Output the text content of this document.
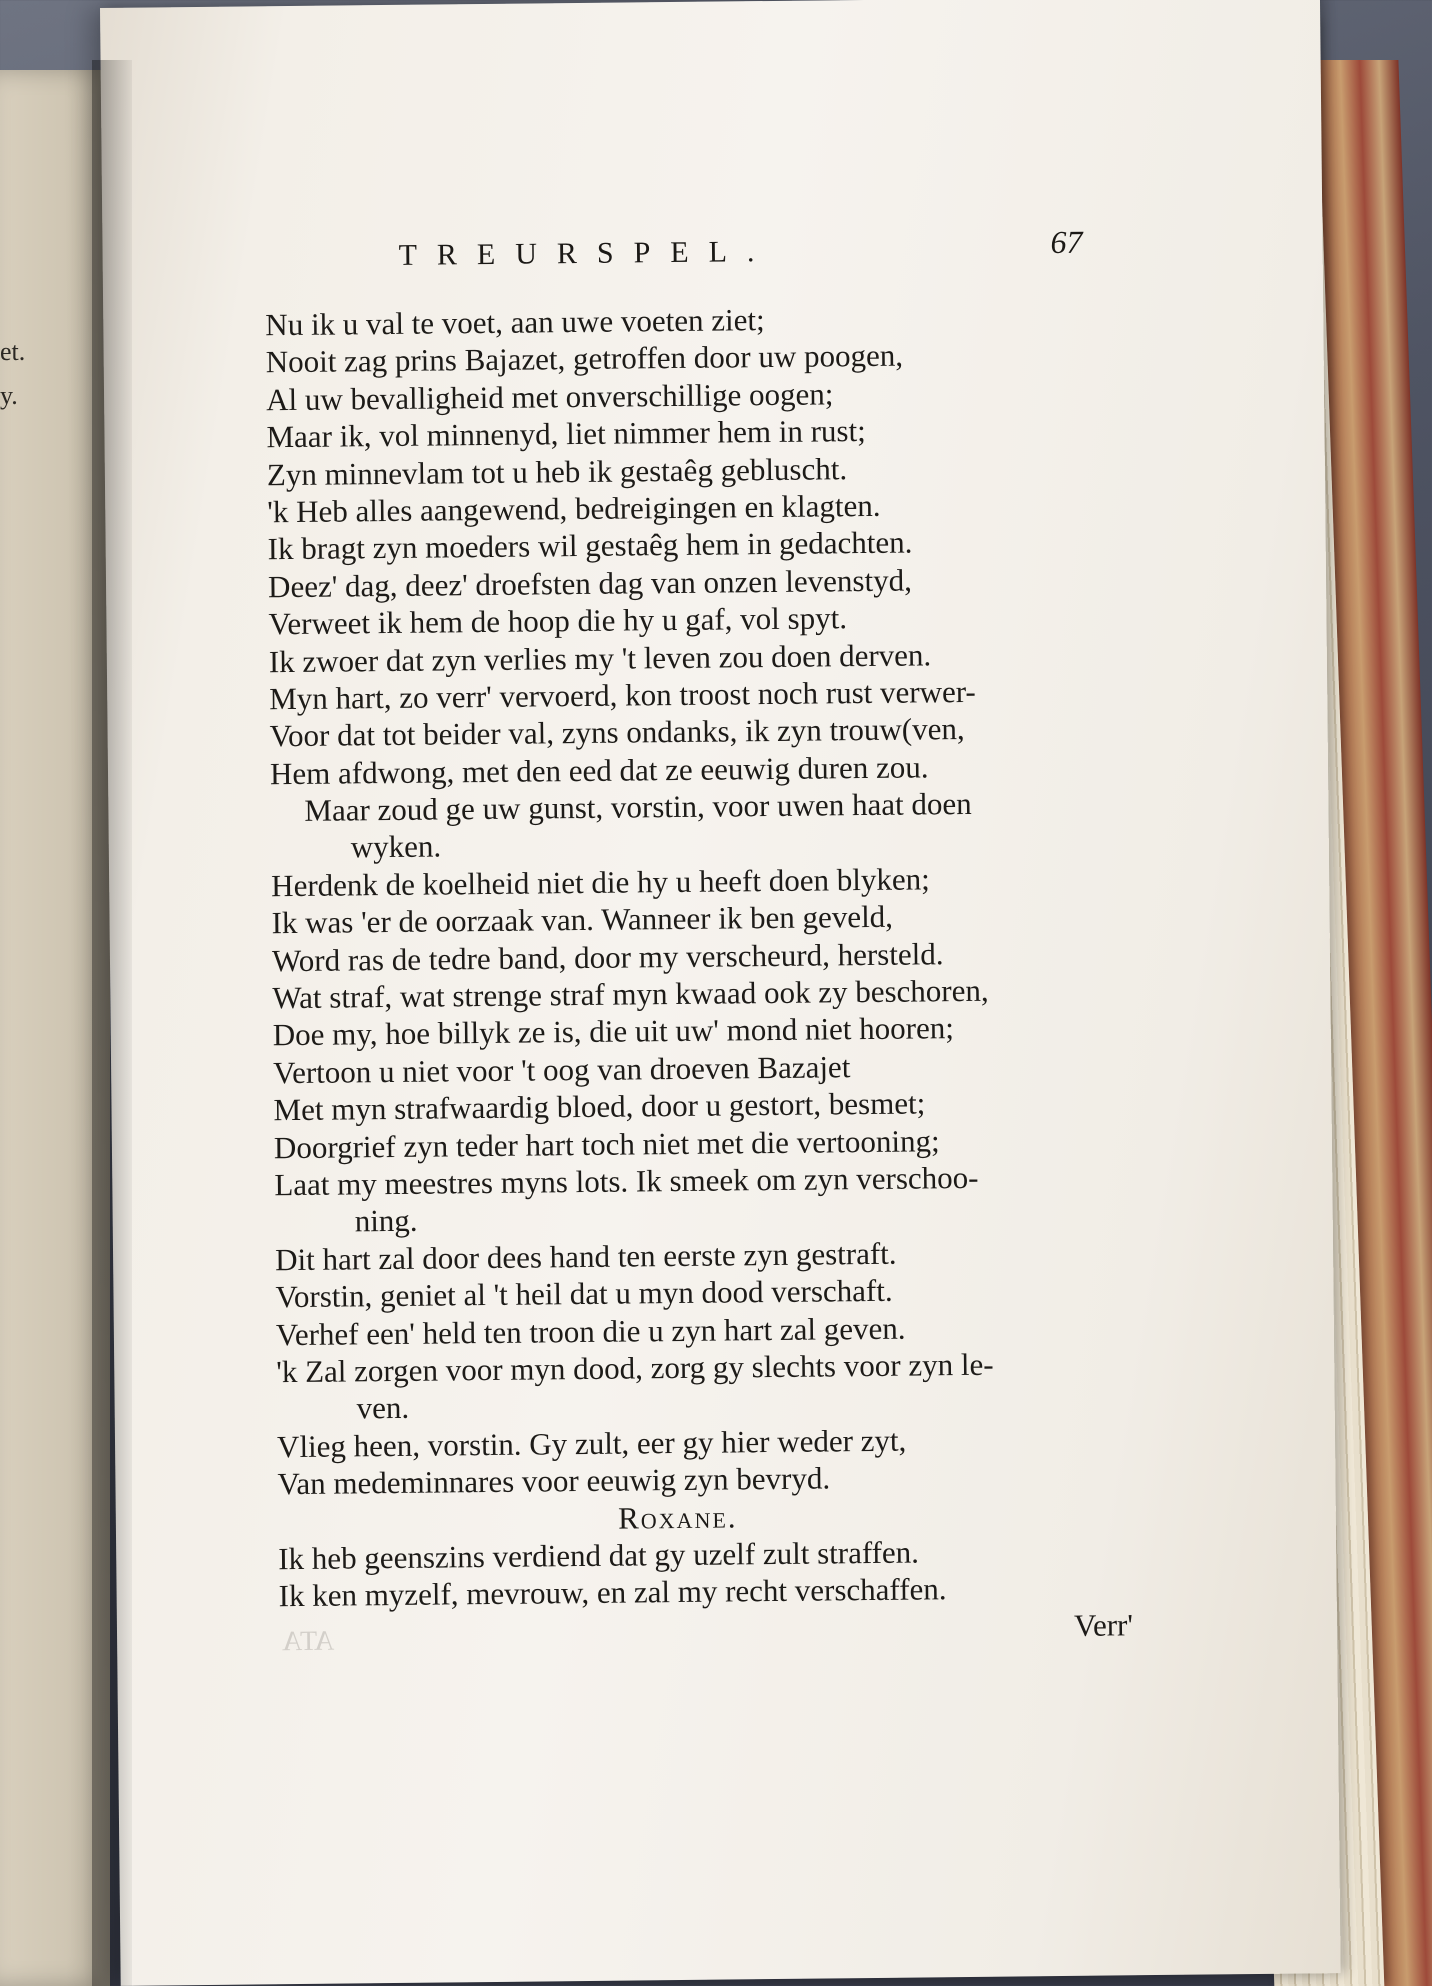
et.
y.
TREURSPEL.	67
Nu ik u val te voet, aan uwe voeten ziet;
Nooit zag prins Bajazet, getroffen door uw poogen,
Al uw bevalligheid met onverschillige oogen;
Maar ik, vol minnenyd, liet nimmer hem in rust;
Zyn minnevlam tot u heb ik gestaêg gebluscht.
'k Heb alles aangewend, bedreigingen en klagten.
Ik bragt zyn moeders wil gestaêg hem in gedachten.
Deez' dag, deez' droefsten dag van onzen levenstyd,
Verweet ik hem de hoop die hy u gaf, vol spyt.
Ik zwoer dat zyn verlies my 't leven zou doen derven.
Myn hart, zo verr' vervoerd, kon troost noch rust verwer-
Voor dat tot beider val, zyns ondanks, ik zyn trouw(ven,
Hem afdwong, met den eed dat ze eeuwig duren zou.
Maar zoud ge uw gunst, vorstin, voor uwen haat doen
wyken.
Herdenk de koelheid niet die hy u heeft doen blyken;
Ik was 'er de oorzaak van. Wanneer ik ben geveld,
Word ras de tedre band, door my verscheurd, hersteld.
Wat straf, wat strenge straf myn kwaad ook zy beschoren,
Doe my, hoe billyk ze is, die uit uw' mond niet hooren;
Vertoon u niet voor 't oog van droeven Bazajet
Met myn strafwaardig bloed, door u gestort, besmet;
Doorgrief zyn teder hart toch niet met die vertooning;
Laat my meestres myns lots. Ik smeek om zyn verschoo-
ning.
Dit hart zal door dees hand ten eerste zyn gestraft.
Vorstin, geniet al 't heil dat u myn dood verschaft.
Verhef een' held ten troon die u zyn hart zal geven.
'k Zal zorgen voor myn dood, zorg gy slechts voor zyn le-
ven.
Vlieg heen, vorstin. Gy zult, eer gy hier weder zyt,
Van medeminnares voor eeuwig zyn bevryd.
Roxane.
Ik heb geenszins verdiend dat gy uzelf zult straffen.
Ik ken myzelf, mevrouw, en zal my recht verschaffen.
Verr'
ATA
